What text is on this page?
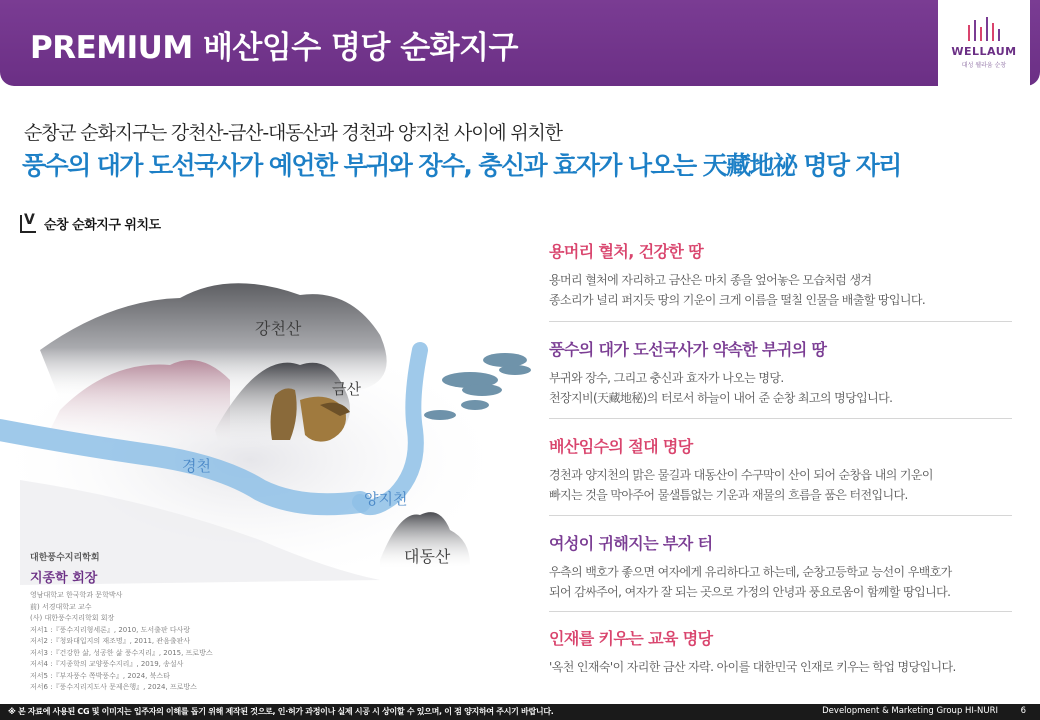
PREMIUM 배산임수 명당 순화지구	WELLAUM
대성 웰라움 순창
순창군 순화지구는 강천산-금산-대동산과 경천과 양지천 사이에 위치한
풍수의 대가 도선국사가 예언한 부귀와 장수, 충신과 효자가 나오는 天藏地祕 명당 자리
V
순창 순화지구 위치도
강천산
금산
경천
양지천
대동산
대한풍수지리학회
지종학 회장
영남대학교 한국학과 문학박사
前) 서경대학교 교수
(사) 대한풍수지리학회 회장
저서1 :『풍수지리형세론』, 2010, 도서출판 다사랑
저서2 :『청와대입지의 재조명』, 2011, 관음출판사
저서3 :『건강한 삶, 성공한 삶 풍수지리』, 2015, 프로방스
저서4 :『지종학의 교양풍수지리』, 2019, 송설사
저서5 :『부자풍수 쪽박풍수』, 2024, 북스타
저서6 :『풍수지리지도사 문제은행』, 2024, 프로방스
용머리 혈처, 건강한 땅
용머리 혈처에 자리하고 금산은 마치 종을 엎어놓은 모습처럼 생겨
종소리가 널리 퍼지듯 땅의 기운이 크게 이름을 떨칠 인물을 배출할 땅입니다.
풍수의 대가 도선국사가 약속한 부귀의 땅
부귀와 장수, 그리고 충신과 효자가 나오는 명당.
천장지비(天藏地秘)의 터로서 하늘이 내어 준 순창 최고의 명당입니다.
배산임수의 절대 명당
경천과 양지천의 맑은 물길과 대동산이 수구막이 산이 되어 순창읍 내의 기운이
빠지는 것을 막아주어 물샐틈없는 기운과 재물의 흐름을 품은 터전입니다.
여성이 귀해지는 부자 터
우측의 백호가 좋으면 여자에게 유리하다고 하는데, 순창고등학교 능선이 우백호가
되어 감싸주어, 여자가 잘 되는 곳으로 가정의 안녕과 풍요로움이 함께할 땅입니다.
인재를 키우는 교육 명당
'옥천 인재숙'이 자리한 금산 자락. 아이를 대한민국 인재로 키우는 학업 명당입니다.
※ 본 자료에 사용된 CG 및 이미지는 입주자의 이해를 돕기 위해 제작된 것으로, 인·허가 과정이나 실제 시공 시 상이할 수 있으며, 이 점 양지하여 주시기 바랍니다.	Development & Marketing Group HI-NURI	6
